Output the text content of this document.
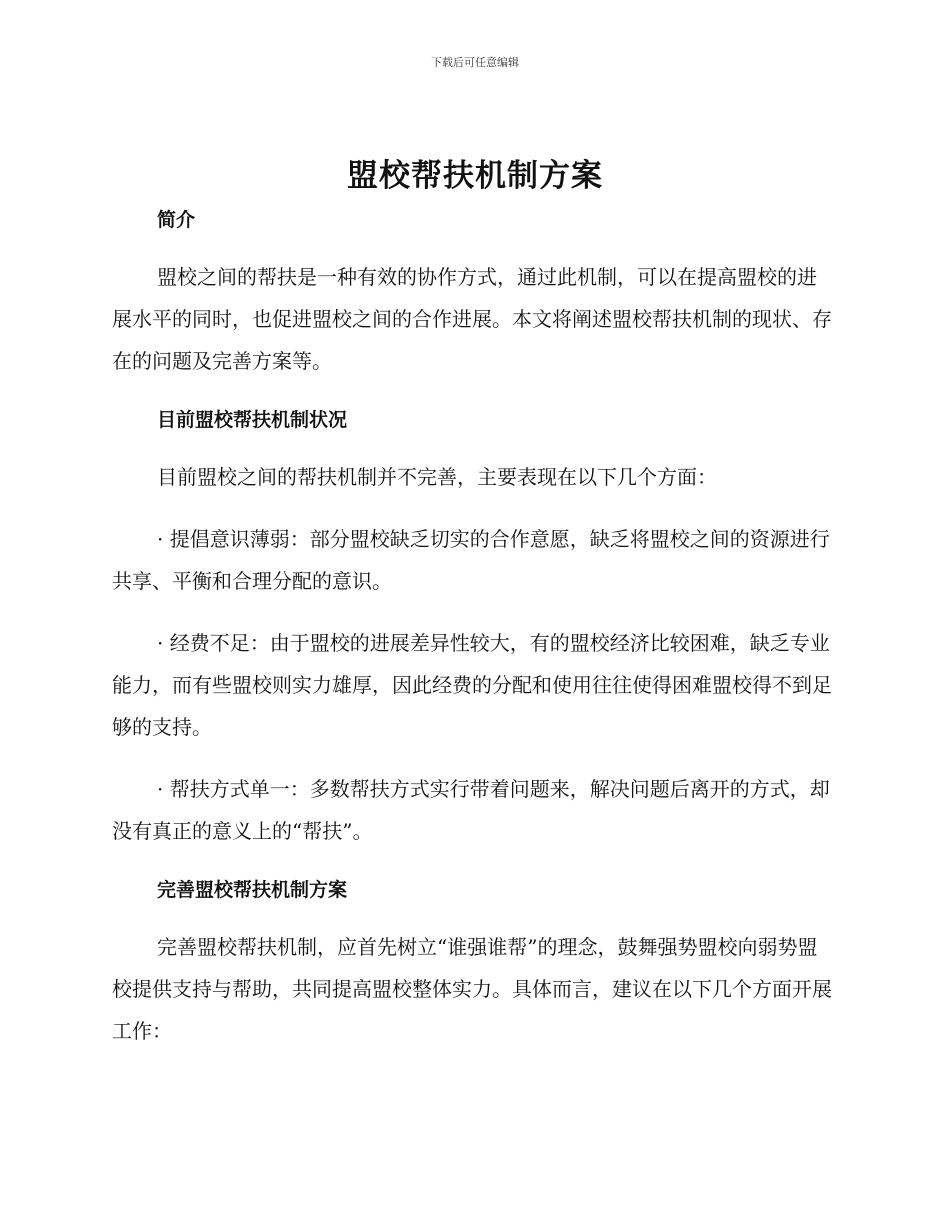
下载后可任意编辑
盟校帮扶机制方案
简介

盟校之间的帮扶是一种有效的协作方式，通过此机制，可以在提高盟校的进展水平的同时，也促进盟校之间的合作进展。本文将阐述盟校帮扶机制的现状、存在的问题及完善方案等。

目前盟校帮扶机制状况

目前盟校之间的帮扶机制并不完善，主要表现在以下几个方面：

· 提倡意识薄弱：部分盟校缺乏切实的合作意愿，缺乏将盟校之间的资源进行共享、平衡和合理分配的意识。

· 经费不足：由于盟校的进展差异性较大，有的盟校经济比较困难，缺乏专业能力，而有些盟校则实力雄厚，因此经费的分配和使用往往使得困难盟校得不到足够的支持。

· 帮扶方式单一：多数帮扶方式实行带着问题来，解决问题后离开的方式，却没有真正的意义上的“帮扶”。

完善盟校帮扶机制方案

完善盟校帮扶机制，应首先树立“谁强谁帮”的理念，鼓舞强势盟校向弱势盟校提供支持与帮助，共同提高盟校整体实力。具体而言，建议在以下几个方面开展工作：
